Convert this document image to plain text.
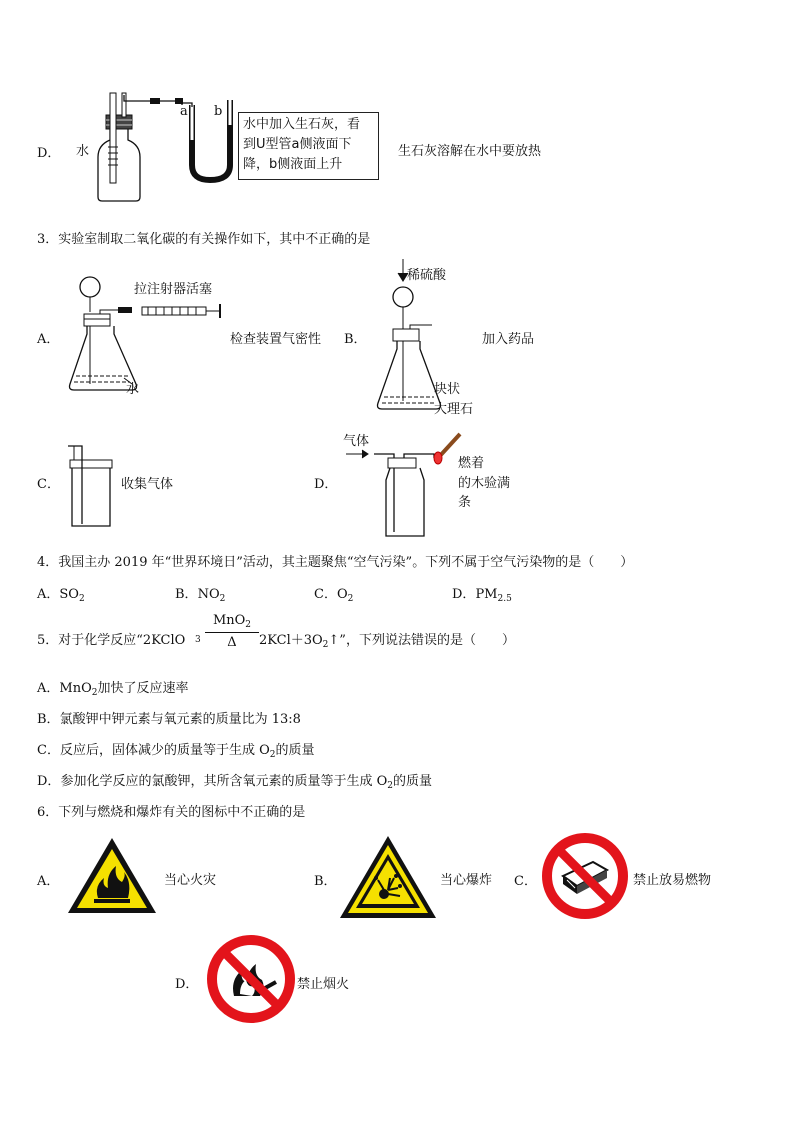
D． 水
a b
水中加入生石灰，看
到U型管a侧液面下
降，b侧液面上升
生石灰溶解在水中要放热
3．实验室制取二氧化碳的有关操作如下，其中不正确的是
A．
拉注射器活塞
水
检查装置气密性 B．
稀硫酸
块状
大理石
加入药品
C．	收集气体	D．
气体
燃着
的木验满
条
4．我国主办 2019 年“世界环境日”活动，其主题聚焦“空气污染”。下列不属于空气污染物的是（　　）
A．$SO_2$	B．$NO_2$	C．$O_2$	D．$PM_{2.5}$
5．对于化学反应“2KClO 3
MnO$_2$
Δ	$2KCl+3O_2↑$”，下列说法错误的是（　　）
A．MnO$_2$加快了反应速率
B．氯酸钾中钾元素与氧元素的质量比为 13:8
C．反应后，固体减少的质量等于生成 $O_2$的质量
D．参加化学反应的氯酸钾，其所含氧元素的质量等于生成 $O_2$的质量
6．下列与燃烧和爆炸有关的图标中不正确的是
A．	当心火灾	B．	当心爆炸 C．	禁止放易燃物
D．	禁止烟火
